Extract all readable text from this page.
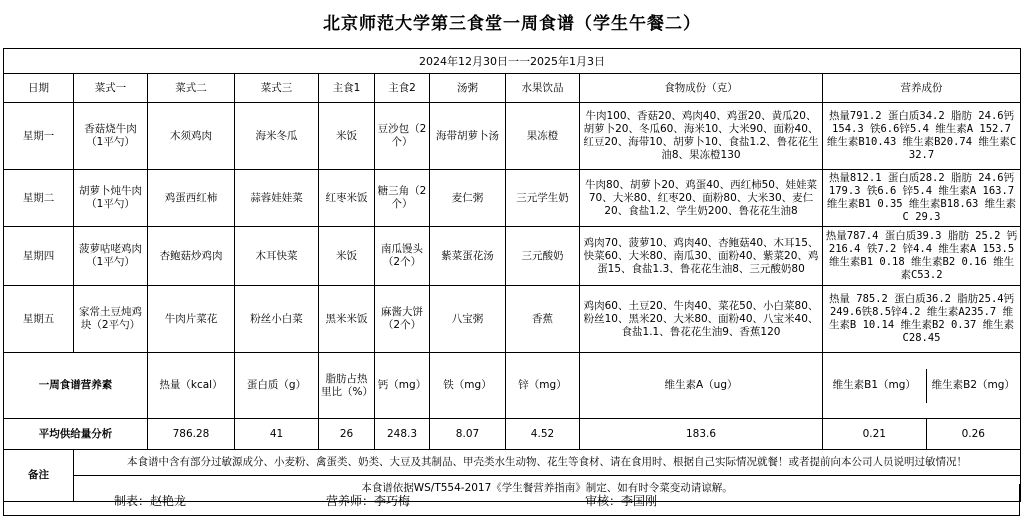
北京师范大学第三食堂一周食谱（学生午餐二）
2024年12月30日一一2025年1月3日
日期	菜式一	菜式二	菜式三	主食1	主食2	汤粥	水果饮品	食物成份（克）	营养成份
星期一	香菇烧牛肉（1平勺）	木须鸡肉	海米冬瓜	米饭	豆沙包（2个）	海带胡萝卜汤	果冻橙	牛肉100、香菇20、鸡肉40、鸡蛋20、黄瓜20、胡萝卜20、冬瓜60、海米10、大米90、面粉40、红豆20、海带10、胡萝卜10、食盐1.2、鲁花花生油8、果冻橙130	热量791.2 蛋白质34.2 脂肪 24.6钙154.3 铁6.6锌5.4 维生素A 152.7 维生素B10.43 维生素B20.74 维生素C 32.7
星期二	胡萝卜炖牛肉（1平勺）	鸡蛋西红柿	蒜蓉娃娃菜	红枣米饭	糖三角（2个）	麦仁粥	三元学生奶	牛肉80、胡萝卜20、鸡蛋40、西红柿50、娃娃菜70、大米80、红枣20、面粉80、大米30、麦仁20、食盐1.2、学生奶200、鲁花花生油8	热量812.1 蛋白质28.2 脂肪 24.6钙179.3 铁6.6 锌5.4 维生素A 163.7 维生素B1 0.35 维生素B18.63 维生素C 29.3
星期四	菠萝咕咾鸡肉（1平勺）	杏鲍菇炒鸡肉	木耳快菜	米饭	南瓜馒头（2个）	紫菜蛋花汤	三元酸奶	鸡肉70、菠萝10、鸡肉40、杏鲍菇40、木耳15、快菜60、大米80、南瓜30、面粉40、紫菜20、鸡蛋15、食盐1.3、鲁花花生油8、三元酸奶80	热量787.4 蛋白质39.3 脂肪 25.2 钙216.4 铁7.2 锌4.4 维生素A 153.5 维生素B1 0.18 维生素B2 0.16 维生素C53.2
星期五	家常土豆炖鸡块（2平勺）	牛肉片菜花	粉丝小白菜	黑米米饭	麻酱大饼（2个）	八宝粥	香蕉	鸡肉60、土豆20、牛肉40、菜花50、小白菜80、粉丝10、黑米20、大米80、面粉40、八宝米40、食盐1.1、鲁花花生油9、香蕉120	热量 785.2 蛋白质36.2 脂肪25.4钙249.6铁8.5锌4.2 维生素A235.7 维生素B 10.14 维生素B2 0.37 维生素C28.45
一周食谱营养素	热量（kcal）	蛋白质（g）	脂肪占热里比（%）	钙（mg）	铁（mg）	锌（mg）	维生素A（ug）		维生素B1（mg）	维生素B2（mg）

平均供给量分析	786.28	41	26	248.3	8.07	4.52	183.6		0.21	0.26

备注	本食谱中含有部分过敏源成分、小麦粉、禽蛋类、奶类、大豆及其制品、甲壳类水生动物、花生等食材、请在食用时、根据自己实际情况就餐！或者提前向本公司人员说明过敏情况！
本食谱依据WS/T554-2017《学生餐营养指南》制定、如有时令菜变动请谅解。
制表：赵艳龙	营养师：李巧梅	审核：李国刚
